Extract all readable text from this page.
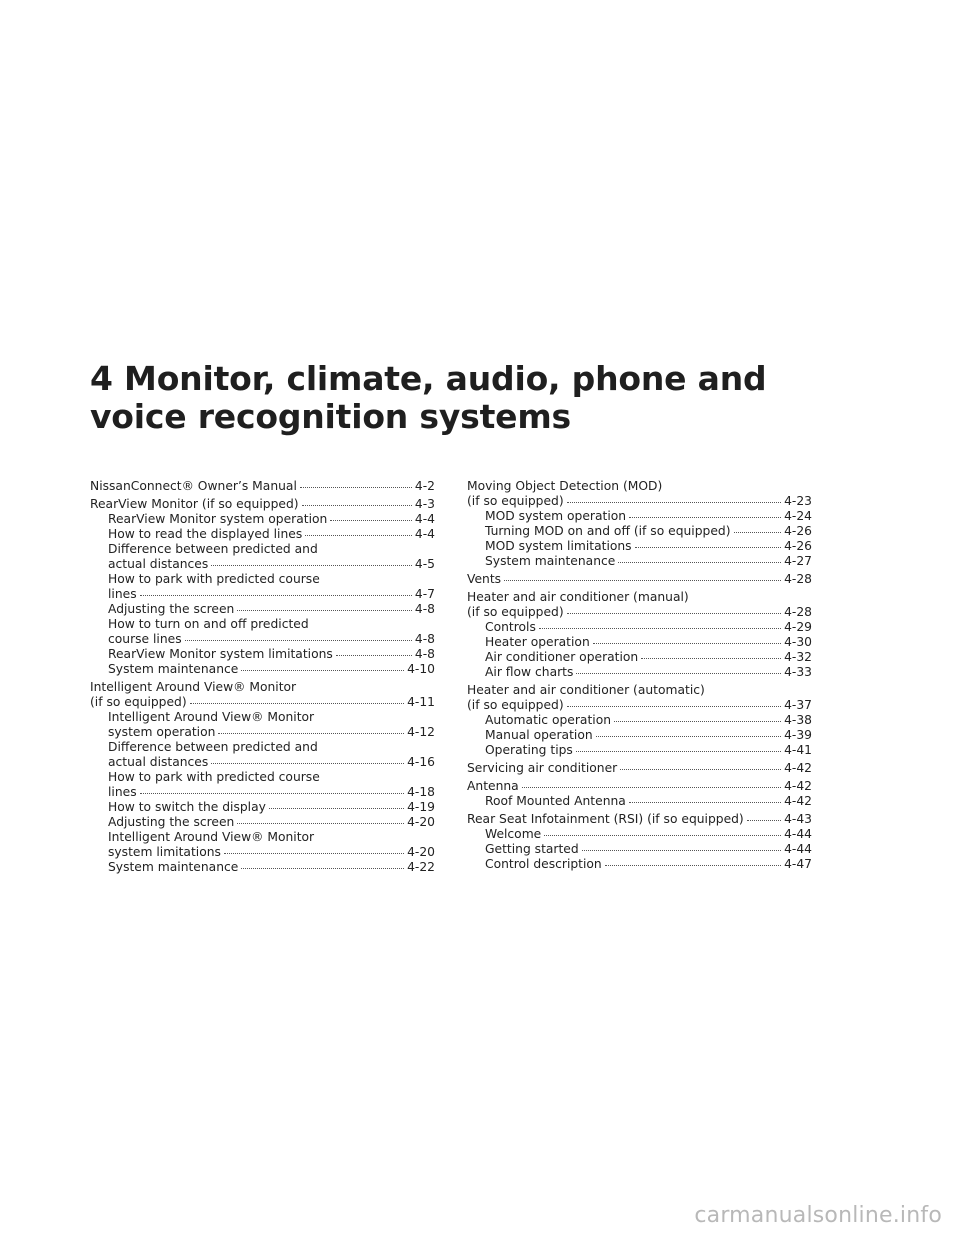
4 Monitor, climate, audio, phone and
voice recognition systems
NissanConnect® Owner’s Manual	4-2
RearView Monitor (if so equipped)	4-3
RearView Monitor system operation	4-4
How to read the displayed lines	4-4
Difference between predicted and
actual distances	4-5
How to park with predicted course
lines	4-7
Adjusting the screen	4-8
How to turn on and off predicted
course lines	4-8
RearView Monitor system limitations	4-8
System maintenance	4-10
Intelligent Around View® Monitor
(if so equipped)	4-11
Intelligent Around View® Monitor
system operation	4-12
Difference between predicted and
actual distances	4-16
How to park with predicted course
lines	4-18
How to switch the display	4-19
Adjusting the screen	4-20
Intelligent Around View® Monitor
system limitations	4-20
System maintenance	4-22
Moving Object Detection (MOD)
(if so equipped)	4-23
MOD system operation	4-24
Turning MOD on and off (if so equipped)	4-26
MOD system limitations	4-26
System maintenance	4-27
Vents	4-28
Heater and air conditioner (manual)
(if so equipped)	4-28
Controls	4-29
Heater operation	4-30
Air conditioner operation	4-32
Air flow charts	4-33
Heater and air conditioner (automatic)
(if so equipped)	4-37
Automatic operation	4-38
Manual operation	4-39
Operating tips	4-41
Servicing air conditioner	4-42
Antenna	4-42
Roof Mounted Antenna	4-42
Rear Seat Infotainment (RSI) (if so equipped)	4-43
Welcome	4-44
Getting started	4-44
Control description	4-47
carmanualsonline.info
